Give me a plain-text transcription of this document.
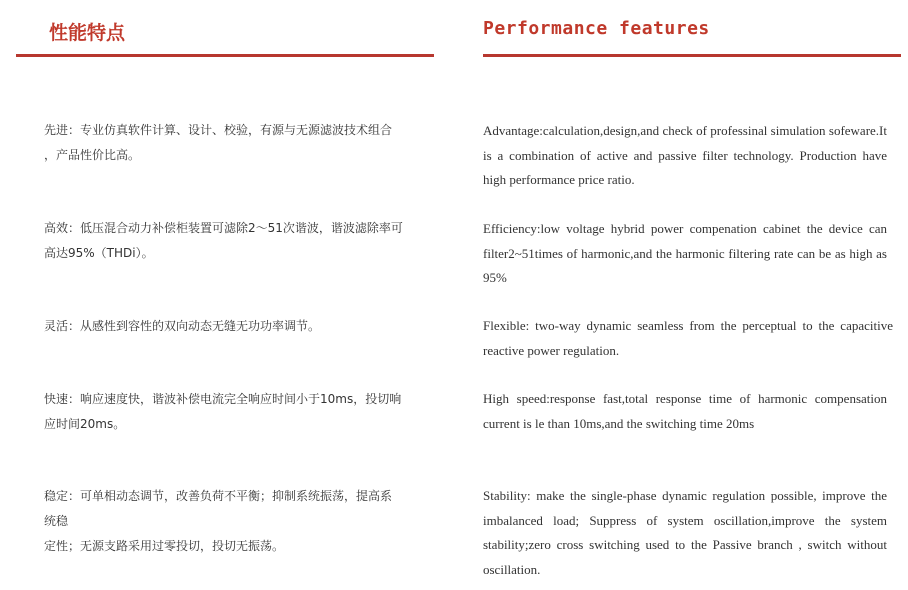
性能特点
先进：专业仿真软件计算、设计、校验，有源与无源滤波技术组合
，产品性价比高。
高效：低压混合动力补偿柜装置可滤除2～51次谐波，谐波滤除率可
高达95%（THDi）。
灵活：从感性到容性的双向动态无缝无功功率调节。
快速：响应速度快，谐波补偿电流完全响应时间小于10ms，投切响
应时间20ms。
稳定：可单相动态调节，改善负荷不平衡；抑制系统振荡，提高系
统稳
定性；无源支路采用过零投切，投切无振荡。
Performance features
Advantage:calculation,design,and check of professinal simulation sofeware.It is a combination of active and passive filter technology. Production have high performance price ratio.
Efficiency:low voltage hybrid power compenation cabinet the device can filter2~51times of harmonic,and the harmonic filtering rate can be as high as 95%
Flexible: two-way dynamic seamless from the perceptual to the capacitive reactive power regulation.
High speed:response fast,total response time of harmonic compensation current is le than 10ms,and the switching time 20ms
Stability: make the single-phase dynamic regulation possible, improve the imbalanced load; Suppress of system oscillation,improve the system stability;zero cross switching used to the Passive branch , switch without oscillation.
